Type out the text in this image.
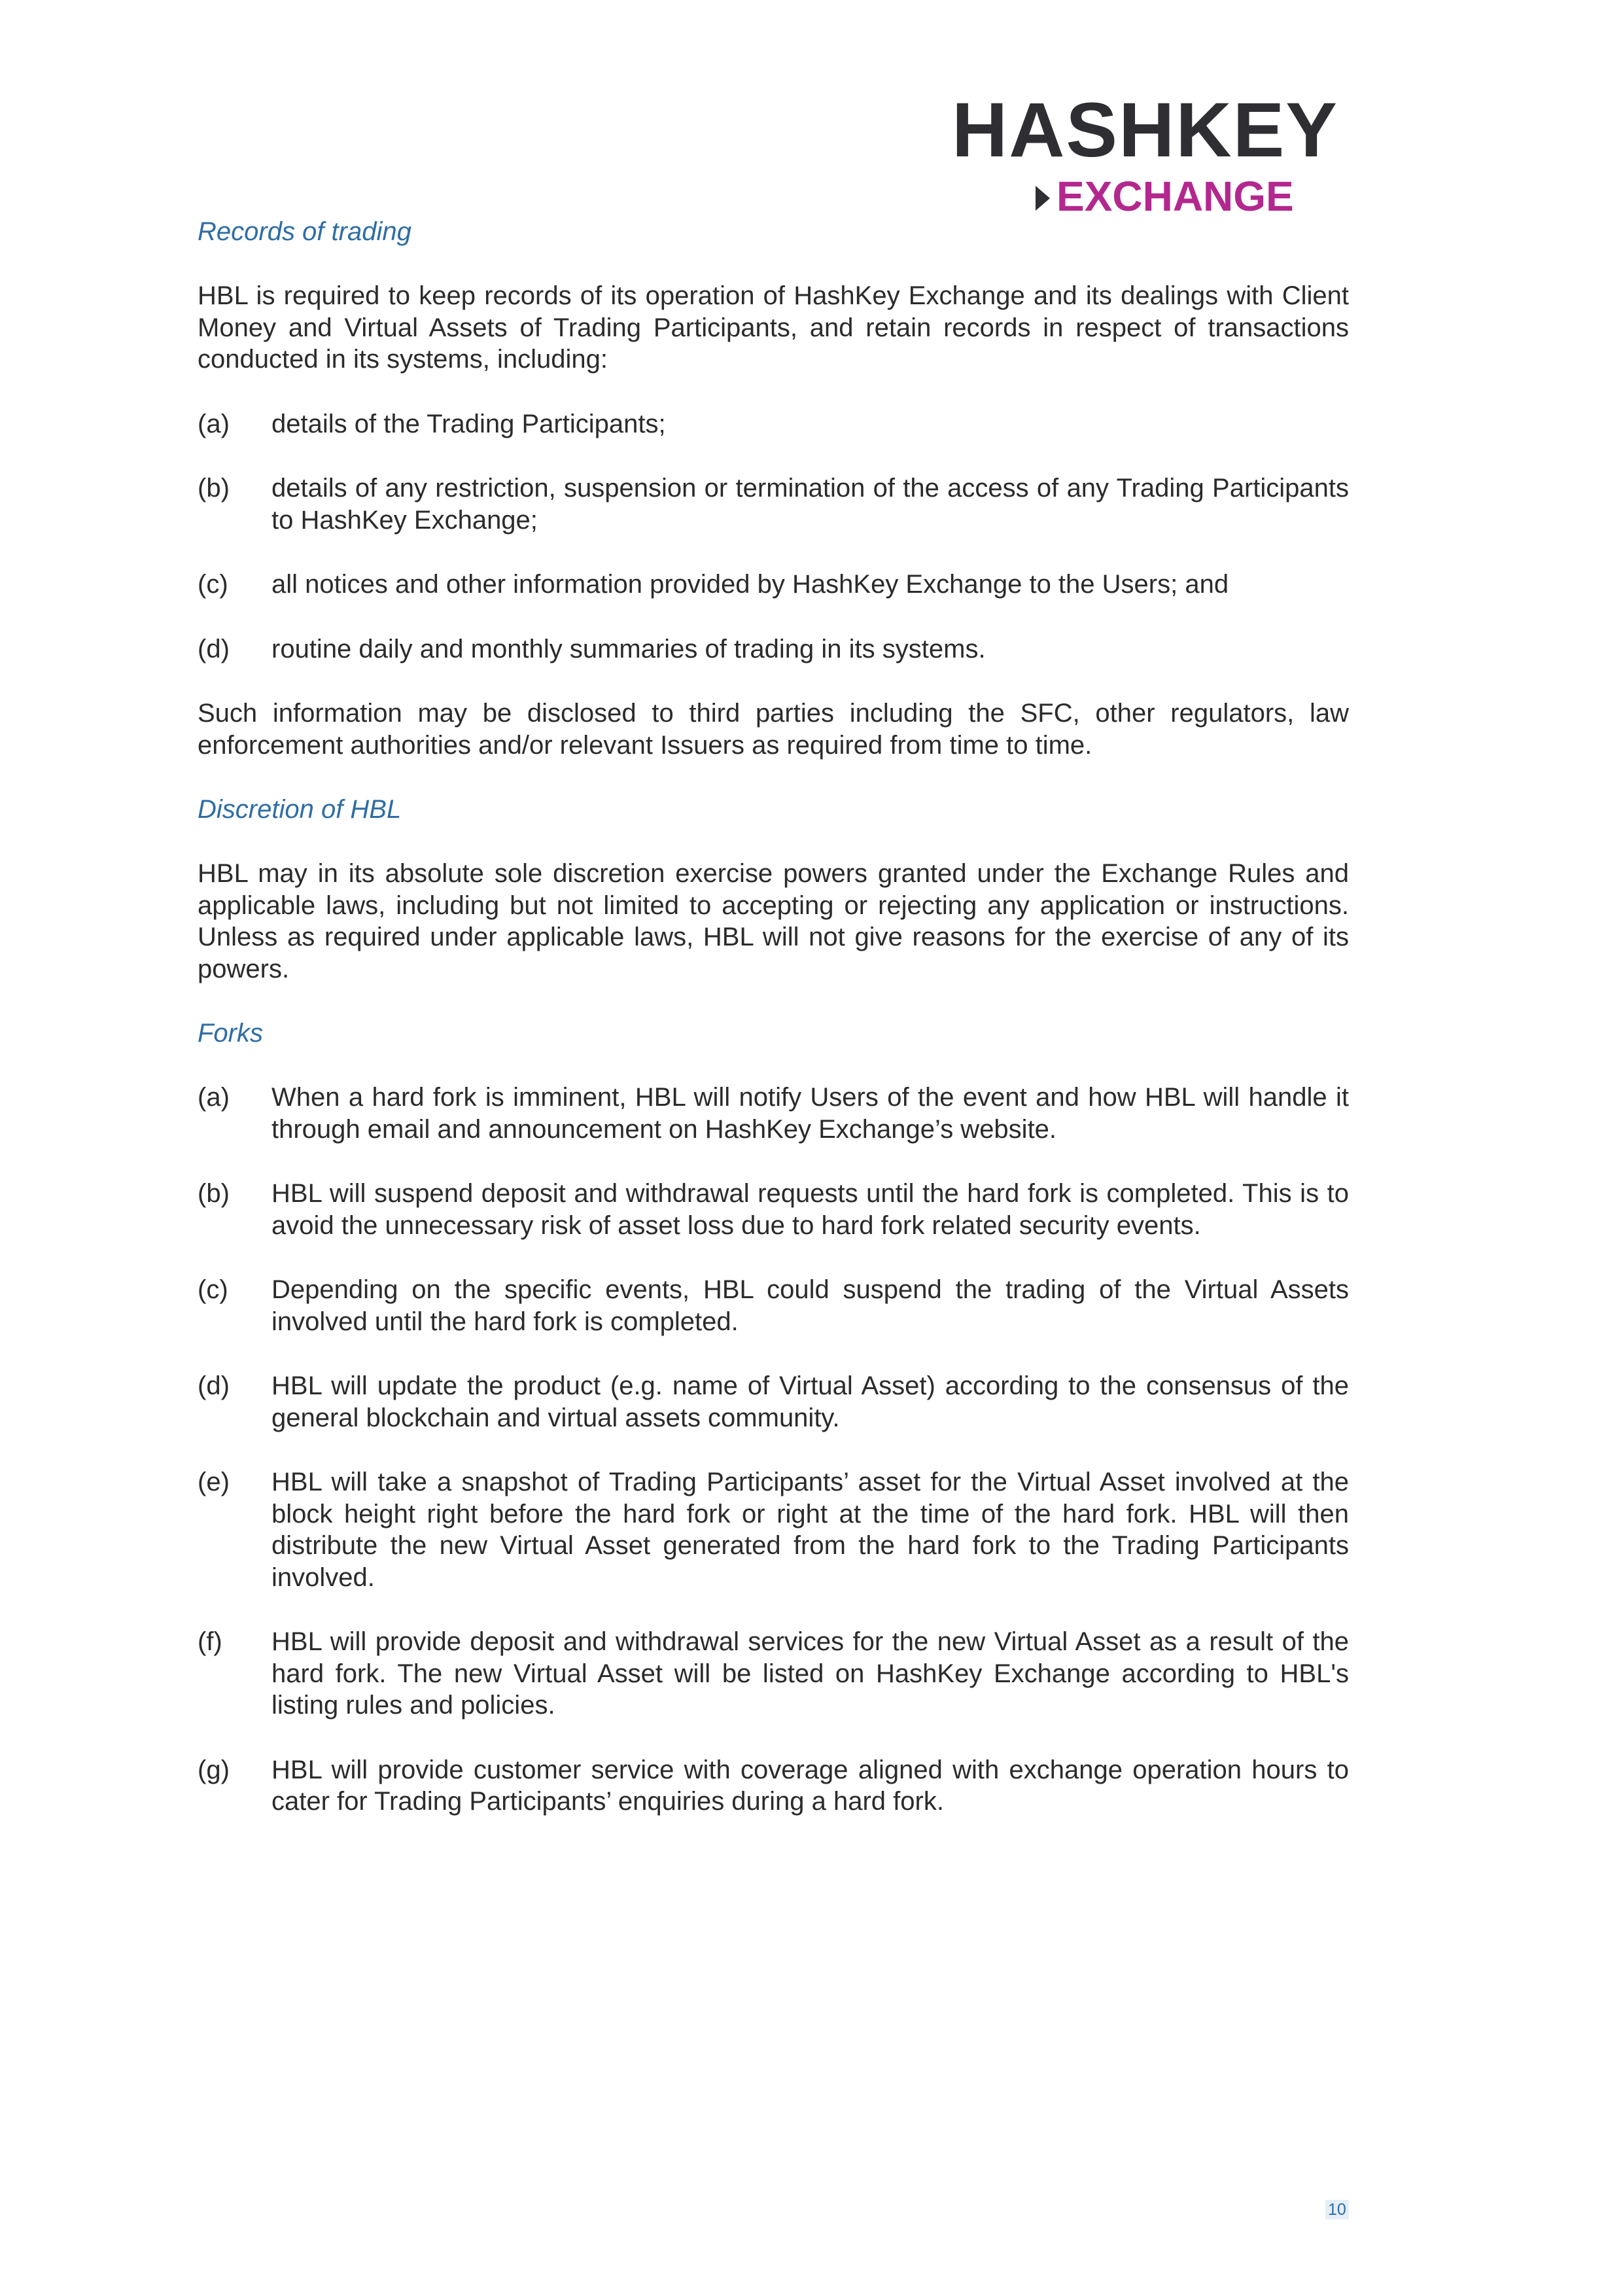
HASHKEY
EXCHANGE
Records of trading

HBL is required to keep records of its operation of HashKey Exchange and its dealings with Client Money and Virtual Assets of Trading Participants, and retain records in respect of transactions conducted in its systems, including:

(a)	details of the Trading Participants;
(b)	details of any restriction, suspension or termination of the access of any Trading Participants to HashKey Exchange;
(c)	all notices and other information provided by HashKey Exchange to the Users; and
(d)	routine daily and monthly summaries of trading in its systems.

Such information may be disclosed to third parties including the SFC, other regulators, law enforcement authorities and/or relevant Issuers as required from time to time.

Discretion of HBL

HBL may in its absolute sole discretion exercise powers granted under the Exchange Rules and applicable laws, including but not limited to accepting or rejecting any application or instructions. Unless as required under applicable laws, HBL will not give reasons for the exercise of any of its powers.

Forks
(a)	When a hard fork is imminent, HBL will notify Users of the event and how HBL will handle it through email and announcement on HashKey Exchange’s website.
(b)	HBL will suspend deposit and withdrawal requests until the hard fork is completed. This is to avoid the unnecessary risk of asset loss due to hard fork related security events.
(c)	Depending on the specific events, HBL could suspend the trading of the Virtual Assets involved until the hard fork is completed.
(d)	HBL will update the product (e.g. name of Virtual Asset) according to the consensus of the general blockchain and virtual assets community.
(e)	HBL will take a snapshot of Trading Participants’ asset for the Virtual Asset involved at the block height right before the hard fork or right at the time of the hard fork. HBL will then distribute the new Virtual Asset generated from the hard fork to the Trading Participants involved.
(f)	HBL will provide deposit and withdrawal services for the new Virtual Asset as a result of the hard fork. The new Virtual Asset will be listed on HashKey Exchange according to HBL's listing rules and policies.
(g)	HBL will provide customer service with coverage aligned with exchange operation hours to cater for Trading Participants’ enquiries during a hard fork.
10
